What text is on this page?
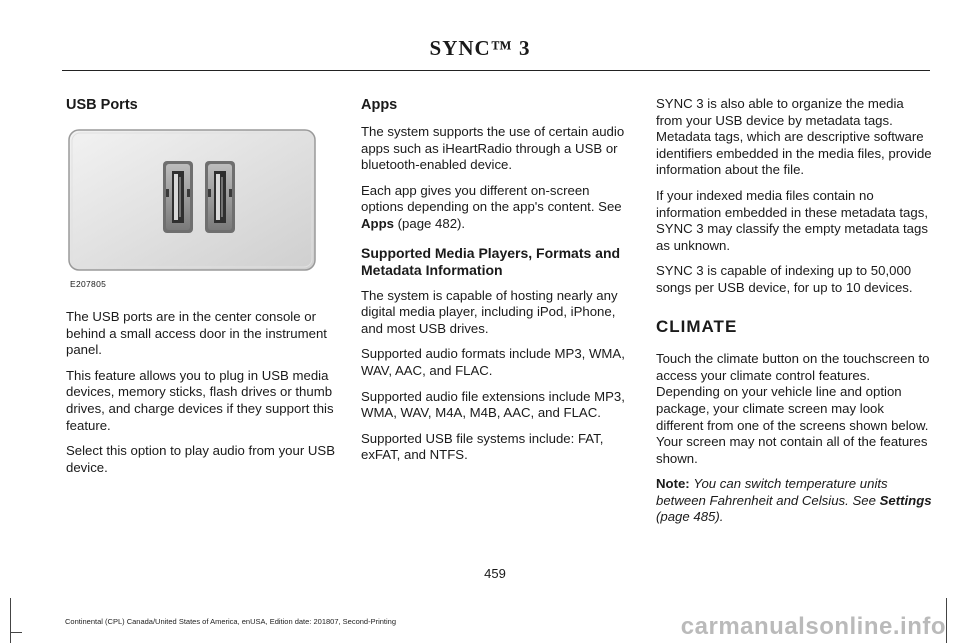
SYNC™ 3
USB Ports
E207805

The USB ports are in the center console or behind a small access door in the instrument panel.

This feature allows you to plug in USB media devices, memory sticks, flash drives or thumb drives, and charge devices if they support this feature.

Select this option to play audio from your USB device.

Apps

The system supports the use of certain audio apps such as iHeartRadio through a USB or bluetooth-enabled device.

Each app gives you different on-screen options depending on the app's content. See Apps (page 482).

Supported Media Players, Formats and Metadata Information

The system is capable of hosting nearly any digital media player, including iPod, iPhone, and most USB drives.

Supported audio formats include MP3, WMA, WAV, AAC, and FLAC.

Supported audio file extensions include MP3, WMA, WAV, M4A, M4B, AAC, and FLAC.

Supported USB file systems include: FAT, exFAT, and NTFS.

SYNC 3 is also able to organize the media from your USB device by metadata tags. Metadata tags, which are descriptive software identifiers embedded in the media files, provide information about the file.

If your indexed media files contain no information embedded in these metadata tags, SYNC 3 may classify the empty metadata tags as unknown.

SYNC 3 is capable of indexing up to 50,000 songs per USB device, for up to 10 devices.

CLIMATE

Touch the climate button on the touchscreen to access your climate control features. Depending on your vehicle line and option package, your climate screen may look different from one of the screens shown below. Your screen may not contain all of the features shown.

Note: You can switch temperature units between Fahrenheit and Celsius. See Settings (page 485).

459
Continental (CPL) Canada/United States of America, enUSA, Edition date: 201807, Second-Printing	carmanualsonline.info
